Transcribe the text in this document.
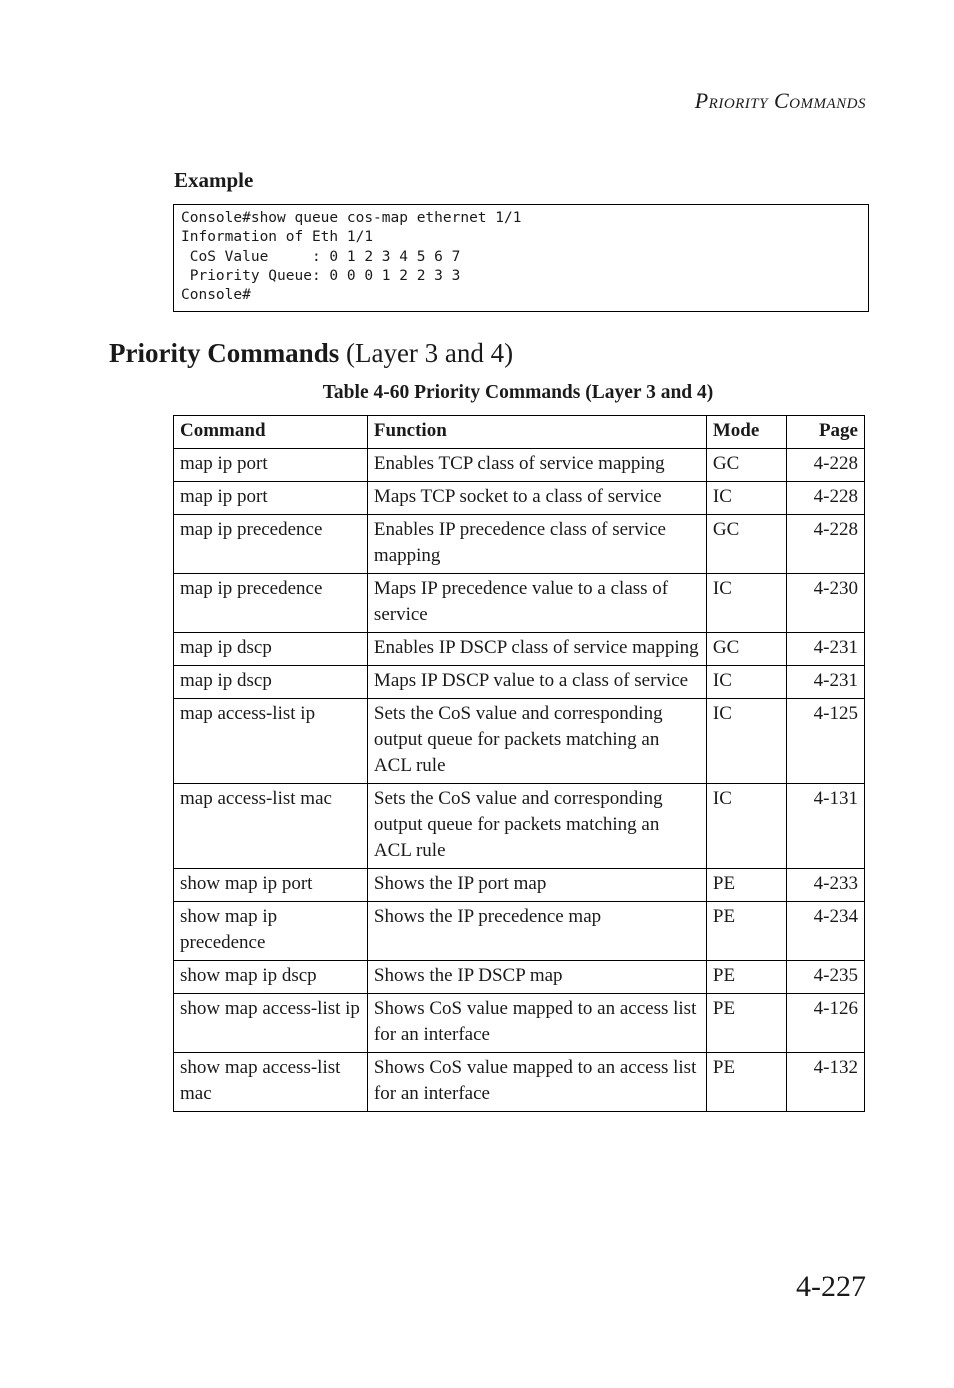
Priority Commands
Example
Console#show queue cos-map ethernet 1/1
Information of Eth 1/1
CoS Value     : 0 1 2 3 4 5 6 7
Priority Queue: 0 0 0 1 2 2 3 3
Console#
Priority Commands (Layer 3 and 4)
Table 4-60 Priority Commands (Layer 3 and 4)
Command	Function	Mode	Page
map ip port	Enables TCP class of service mapping	GC	4-228
map ip port	Maps TCP socket to a class of service	IC	4-228
map ip precedence	Enables IP precedence class of service mapping	GC	4-228
map ip precedence	Maps IP precedence value to a class of service	IC	4-230
map ip dscp	Enables IP DSCP class of service mapping	GC	4-231
map ip dscp	Maps IP DSCP value to a class of service	IC	4-231
map access-list ip	Sets the CoS value and corresponding output queue for packets matching an ACL rule	IC	4-125
map access-list mac	Sets the CoS value and corresponding output queue for packets matching an ACL rule	IC	4-131
show map ip port	Shows the IP port map	PE	4-233
show map ip precedence	Shows the IP precedence map	PE	4-234
show map ip dscp	Shows the IP DSCP map	PE	4-235
show map access-list ip	Shows CoS value mapped to an access list for an interface	PE	4-126
show map access-list mac	Shows CoS value mapped to an access list for an interface	PE	4-132
4-227
